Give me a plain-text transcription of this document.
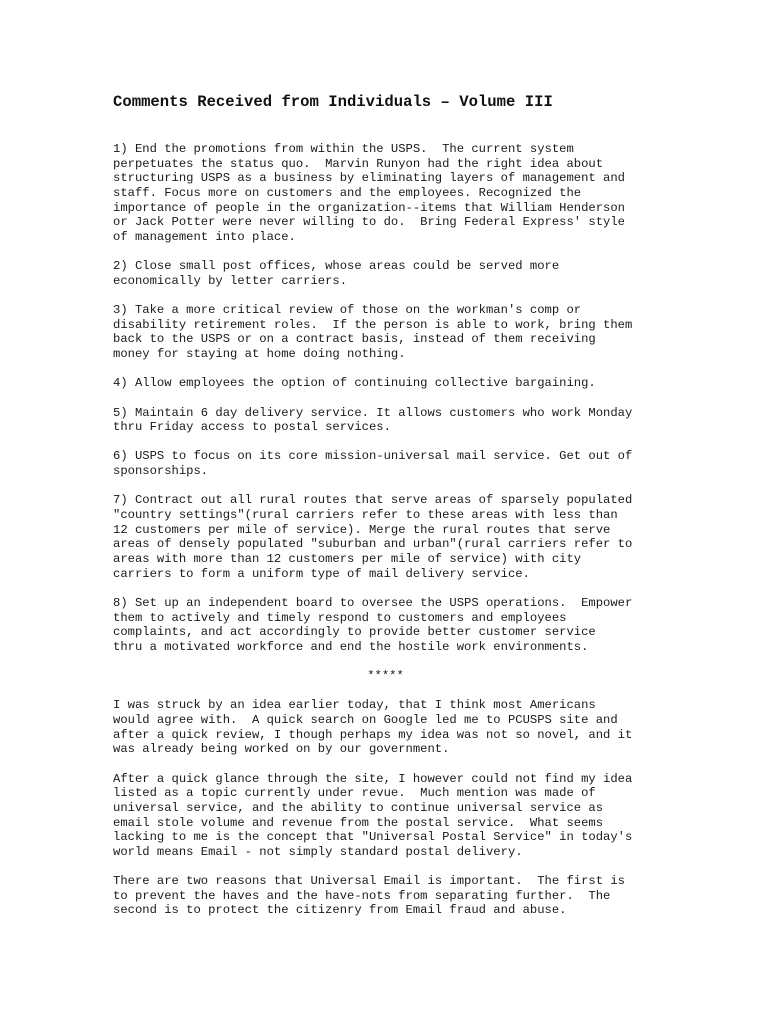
Comments Received from Individuals – Volume III

1) End the promotions from within the USPS.  The current system
perpetuates the status quo.  Marvin Runyon had the right idea about
structuring USPS as a business by eliminating layers of management and
staff. Focus more on customers and the employees. Recognized the
importance of people in the organization--items that William Henderson
or Jack Potter were never willing to do.  Bring Federal Express' style
of management into place.

2) Close small post offices, whose areas could be served more
economically by letter carriers.

3) Take a more critical review of those on the workman's comp or
disability retirement roles.  If the person is able to work, bring them
back to the USPS or on a contract basis, instead of them receiving
money for staying at home doing nothing.

4) Allow employees the option of continuing collective bargaining.

5) Maintain 6 day delivery service. It allows customers who work Monday
thru Friday access to postal services.

6) USPS to focus on its core mission-universal mail service. Get out of
sponsorships.

7) Contract out all rural routes that serve areas of sparsely populated
"country settings"(rural carriers refer to these areas with less than
12 customers per mile of service). Merge the rural routes that serve
areas of densely populated "suburban and urban"(rural carriers refer to
areas with more than 12 customers per mile of service) with city
carriers to form a uniform type of mail delivery service.

8) Set up an independent board to oversee the USPS operations.  Empower
them to actively and timely respond to customers and employees
complaints, and act accordingly to provide better customer service
thru a motivated workforce and end the hostile work environments.

*****

I was struck by an idea earlier today, that I think most Americans
would agree with.  A quick search on Google led me to PCUSPS site and
after a quick review, I though perhaps my idea was not so novel, and it
was already being worked on by our government.

After a quick glance through the site, I however could not find my idea
listed as a topic currently under revue.  Much mention was made of
universal service, and the ability to continue universal service as
email stole volume and revenue from the postal service.  What seems
lacking to me is the concept that "Universal Postal Service" in today's
world means Email - not simply standard postal delivery.

There are two reasons that Universal Email is important.  The first is
to prevent the haves and the have-nots from separating further.  The
second is to protect the citizenry from Email fraud and abuse.
